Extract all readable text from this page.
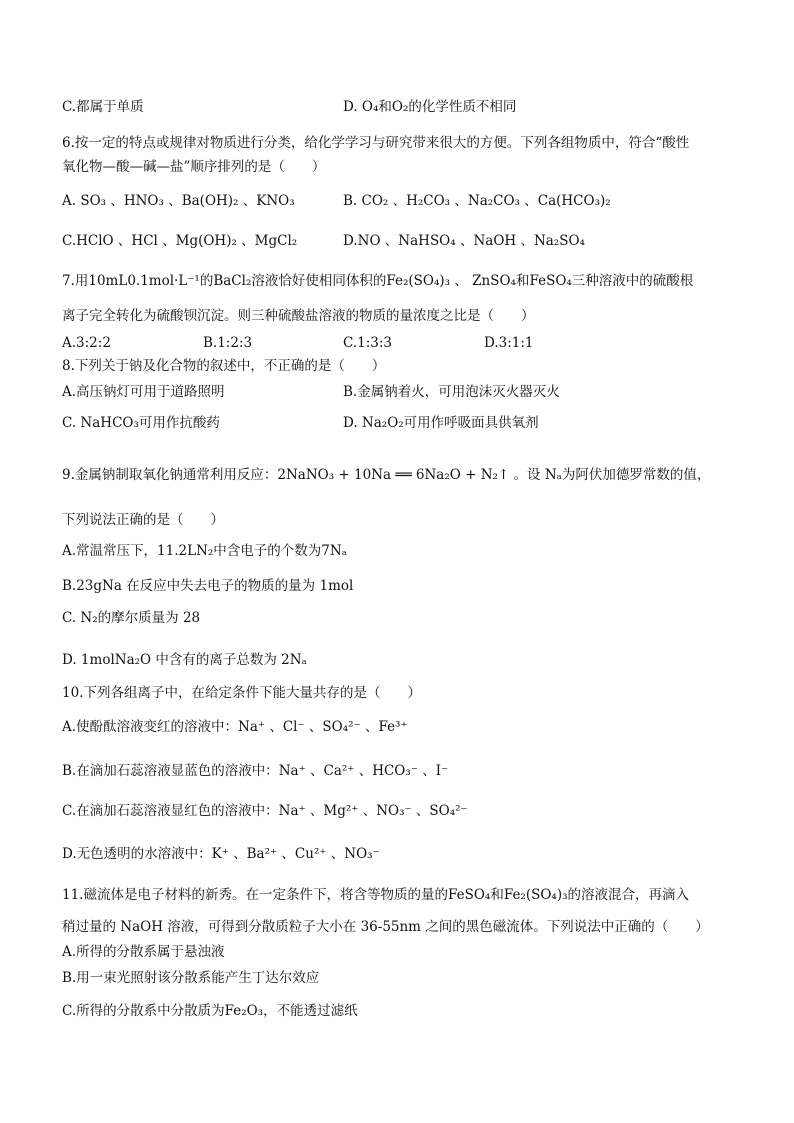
C.都属于单质	D. O₄和O₂的化学性质不相同
6.按一定的特点或规律对物质进行分类，给化学学习与研究带来很大的方便。下列各组物质中，符合“酸性
氧化物—酸—碱—盐”顺序排列的是（　　）
A. SO₃ 、HNO₃ 、Ba(OH)₂ 、KNO₃	B. CO₂ 、H₂CO₃ 、Na₂CO₃ 、Ca(HCO₃)₂
C.HClO 、HCl 、Mg(OH)₂ 、MgCl₂	D.NO 、NaHSO₄ 、NaOH 、Na₂SO₄
7.用10mL0.1mol·L⁻¹的BaCl₂溶液恰好使相同体积的Fe₂(SO₄)₃ 、 ZnSO₄和FeSO₄三种溶液中的硫酸根
离子完全转化为硫酸钡沉淀。则三种硫酸盐溶液的物质的量浓度之比是（　　）
A.3:2:2	B.1:2:3	C.1:3:3	D.3:1:1
8.下列关于钠及化合物的叙述中，不正确的是（　　）
A.高压钠灯可用于道路照明	B.金属钠着火，可用泡沫灭火器灭火
C. NaHCO₃可用作抗酸药	D. Na₂O₂可用作呼吸面具供氧剂
9.金属钠制取氧化钠通常利用反应：2NaNO₃ + 10Na ══ 6Na₂O + N₂↑ 。设 Nₐ为阿伏加德罗常数的值，
下列说法正确的是（　　）
A.常温常压下，11.2LN₂中含电子的个数为7Nₐ
B.23gNa 在反应中失去电子的物质的量为 1mol
C. N₂的摩尔质量为 28
D. 1molNa₂O 中含有的离子总数为 2Nₐ
10.下列各组离子中，在给定条件下能大量共存的是（　　）
A.使酚酞溶液变红的溶液中：Na⁺ 、Cl⁻ 、SO₄²⁻ 、Fe³⁺
B.在滴加石蕊溶液显蓝色的溶液中：Na⁺ 、Ca²⁺ 、HCO₃⁻ 、I⁻
C.在滴加石蕊溶液显红色的溶液中：Na⁺ 、Mg²⁺ 、NO₃⁻ 、SO₄²⁻
D.无色透明的水溶液中：K⁺ 、Ba²⁺ 、Cu²⁺ 、NO₃⁻
11.磁流体是电子材料的新秀。在一定条件下，将含等物质的量的FeSO₄和Fe₂(SO₄)₃的溶液混合，再滴入
稍过量的 NaOH 溶液，可得到分散质粒子大小在 36-55nm 之间的黑色磁流体。下列说法中正确的（　　）
A.所得的分散系属于悬浊液
B.用一束光照射该分散系能产生丁达尔效应
C.所得的分散系中分散质为Fe₂O₃，不能透过滤纸
